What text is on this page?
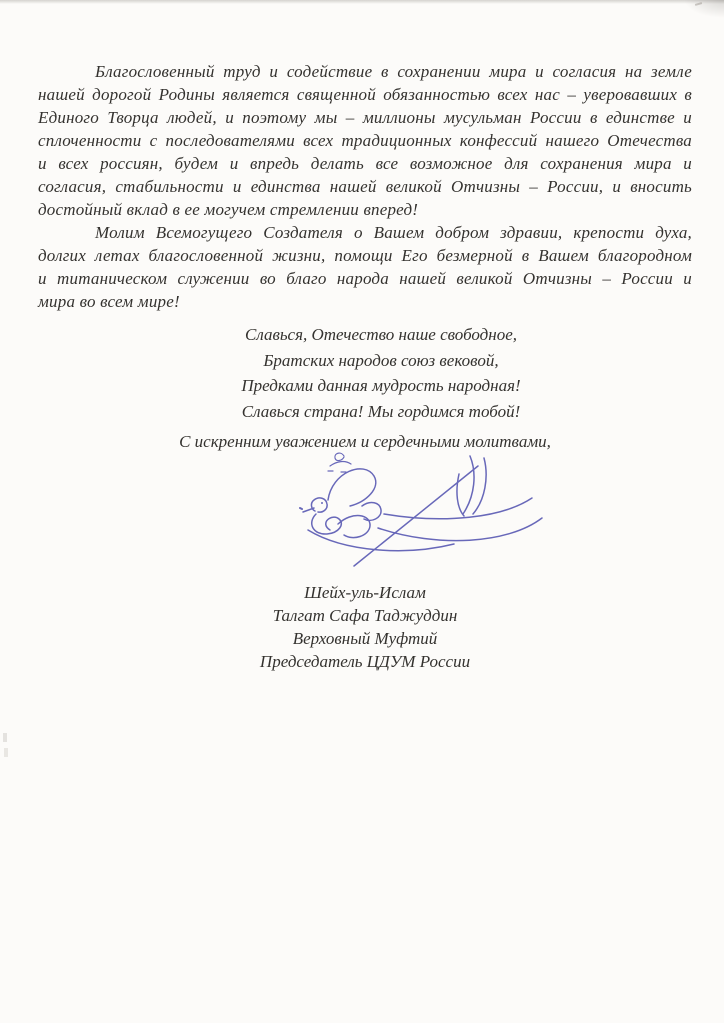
Благословенный труд и содействие в сохранении мира и согласия на земле
нашей дорогой Родины является священной обязанностью всех нас – уверовавших в
Единого Творца людей, и поэтому мы – миллионы мусульман России в единстве и
сплоченности с последователями всех традиционных конфессий нашего Отечества
и всех россиян, будем и впредь делать все возможное для сохранения мира и
согласия, стабильности и единства нашей великой Отчизны – России, и вносить
достойный вклад в ее могучем стремлении вперед!
Молим Всемогущего Создателя о Вашем добром здравии, крепости духа,
долгих летах благословенной жизни, помощи Его безмерной в Вашем благородном
и титаническом служении во благо народа нашей великой Отчизны – России и
мира во всем мире!
Славься, Отечество наше свободное,
Братских народов союз вековой,
Предками данная мудрость народная!
Славься страна! Мы гордимся тобой!
С искренним уважением и сердечными молитвами,
Шейх-уль-Ислам
Талгат Сафа Таджуддин
Верховный Муфтий
Председатель ЦДУМ России
